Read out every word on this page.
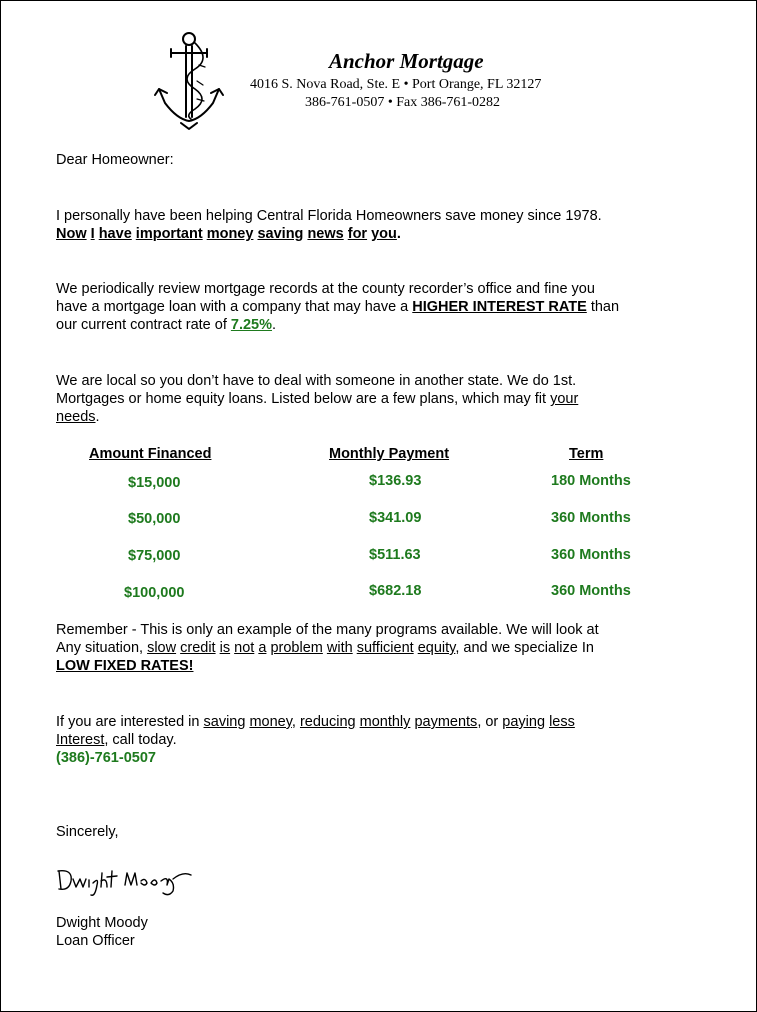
Anchor Mortgage
4016 S. Nova Road, Ste. E • Port Orange, FL 32127
386-761-0507 • Fax 386-761-0282
Dear Homeowner:
I personally have been helping Central Florida Homeowners save money since 1978.
Now I have important money saving news for you.
We periodically review mortgage records at the county recorder’s office and fine you
have a mortgage loan with a company that may have a HIGHER INTEREST RATE than
our current contract rate of 7.25%.
We are local so you don’t have to deal with someone in another state. We do 1st.
Mortgages or home equity loans. Listed below are a few plans, which may fit your
needs.
Amount Financed	Monthly Payment	Term
$15,000	$136.93	180 Months
$50,000	$341.09	360 Months
$75,000	$511.63	360 Months
$100,000	$682.18	360 Months
Remember - This is only an example of the many programs available. We will look at
Any situation, slow credit is not a problem with sufficient equity, and we specialize In
LOW FIXED RATES!
If you are interested in saving money, reducing monthly payments, or paying less
Interest, call today.
(386)-761-0507
Sincerely,
Dwight Moody
Loan Officer
